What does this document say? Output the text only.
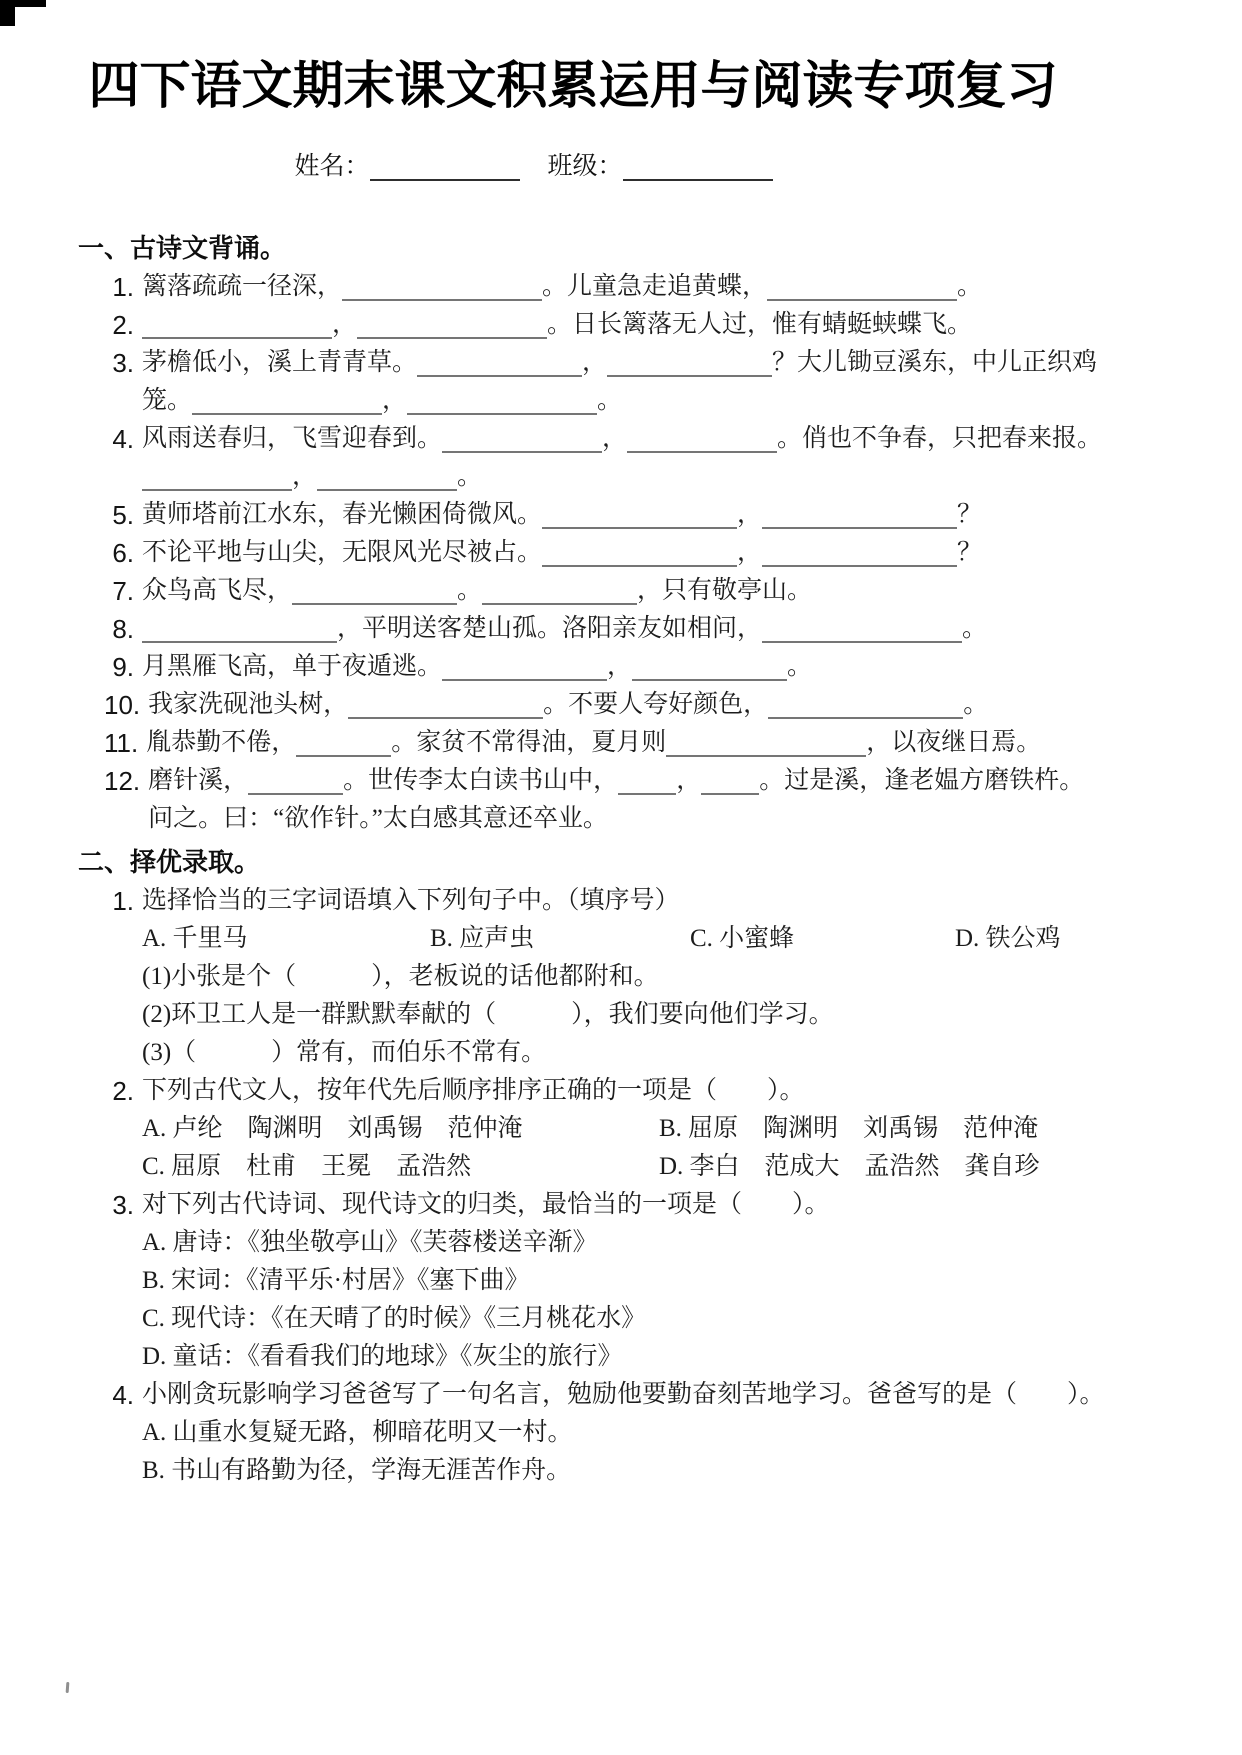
四下语文期末课文积累运用与阅读专项复习
姓名：	班级：
一、古诗文背诵。
1. 篱落疏疏一径深，	。儿童急走追黄蝶，	。
2.	，	。日长篱落无人过，惟有蜻蜓蛱蝶飞。
3. 茅檐低小，溪上青青草。	，	？大儿锄豆溪东，中儿正织鸡
笼。	，	。
4. 风雨送春归，飞雪迎春到。	，	。俏也不争春，只把春来报。
，	。
5. 黄师塔前江水东，春光懒困倚微风。	，	？
6. 不论平地与山尖，无限风光尽被占。	，	？
7. 众鸟高飞尽，	。	，只有敬亭山。
8.	，平明送客楚山孤。洛阳亲友如相问，	。
9. 月黑雁飞高，单于夜遁逃。	，	。
10. 我家洗砚池头树，	。不要人夸好颜色，	。
11. 胤恭勤不倦，	。家贫不常得油，夏月则	，以夜继日焉。
12. 磨针溪，	。世传李太白读书山中， ， 。过是溪，逢老媪方磨铁杵。
问之。曰：“欲作针。”太白感其意还卒业。
二、择优录取。
1. 选择恰当的三字词语填入下列句子中。（填序号）
A. 千里马	B. 应声虫	C. 小蜜蜂	D. 铁公鸡
(1)小张是个（　　　），老板说的话他都附和。
(2)环卫工人是一群默默奉献的（　　　），我们要向他们学习。
(3)（　　　）常有，而伯乐不常有。
2. 下列古代文人，按年代先后顺序排序正确的一项是（　　）。
A. 卢纶　陶渊明　刘禹锡　范仲淹	B. 屈原　陶渊明　刘禹锡　范仲淹
C. 屈原　杜甫　王冕　孟浩然	D. 李白　范成大　孟浩然　龚自珍
3. 对下列古代诗词、现代诗文的归类，最恰当的一项是（　　）。
A. 唐诗：《独坐敬亭山》《芙蓉楼送辛渐》
B. 宋词：《清平乐·村居》《塞下曲》
C. 现代诗：《在天晴了的时候》《三月桃花水》
D. 童话：《看看我们的地球》《灰尘的旅行》
4. 小刚贪玩影响学习爸爸写了一句名言，勉励他要勤奋刻苦地学习。爸爸写的是（　　）。
A. 山重水复疑无路，柳暗花明又一村。
B. 书山有路勤为径，学海无涯苦作舟。
